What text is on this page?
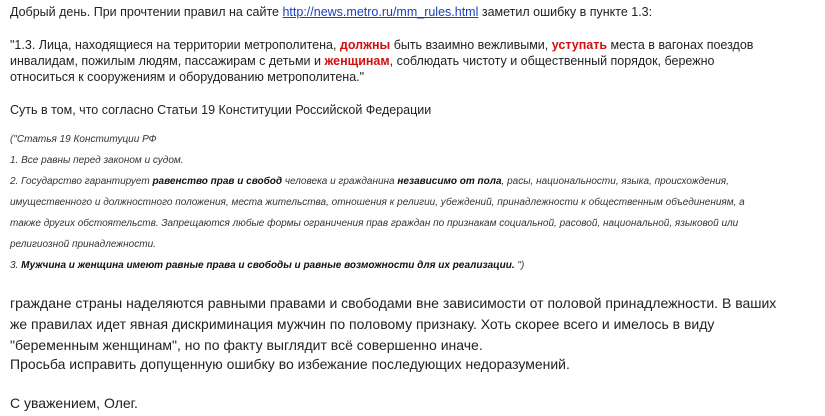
Добрый день. При прочтении правил на сайте http://news.metro.ru/mm_rules.html заметил ошибку в пункте 1.3:

"1.3. Лица, находящиеся на территории метрополитена, должны быть взаимно вежливыми, уступать места в вагонах поездов

инвалидам, пожилым людям, пассажирам с детьми и женщинам, соблюдать чистоту и общественный порядок, бережно

относиться к сооружениям и оборудованию метрополитена."

Суть в том, что согласно Статьи 19 Конституции Российской Федерации

("Статья 19 Конституции РФ

1. Все равны перед законом и судом.

2. Государство гарантирует равенство прав и свобод человека и гражданина независимо от пола, расы, национальности, языка, происхождения,

имущественного и должностного положения, места жительства, отношения к религии, убеждений, принадлежности к общественным объединениям, а

также других обстоятельств. Запрещаются любые формы ограничения прав граждан по признакам социальной, расовой, национальной, языковой или

религиозной принадлежности.

3. Мужчина и женщина имеют равные права и свободы и равные возможности для их реализации. ")

граждане страны наделяются равными правами и свободами вне зависимости от половой принадлежности. В ваших

же правилах идет явная дискриминация мужчин по половому признаку. Хоть скорее всего и имелось в виду

"беременным женщинам", но по факту выглядит всё совершенно иначе.

Просьба исправить допущенную ошибку во избежание последующих недоразумений.

С уважением, Олег.
